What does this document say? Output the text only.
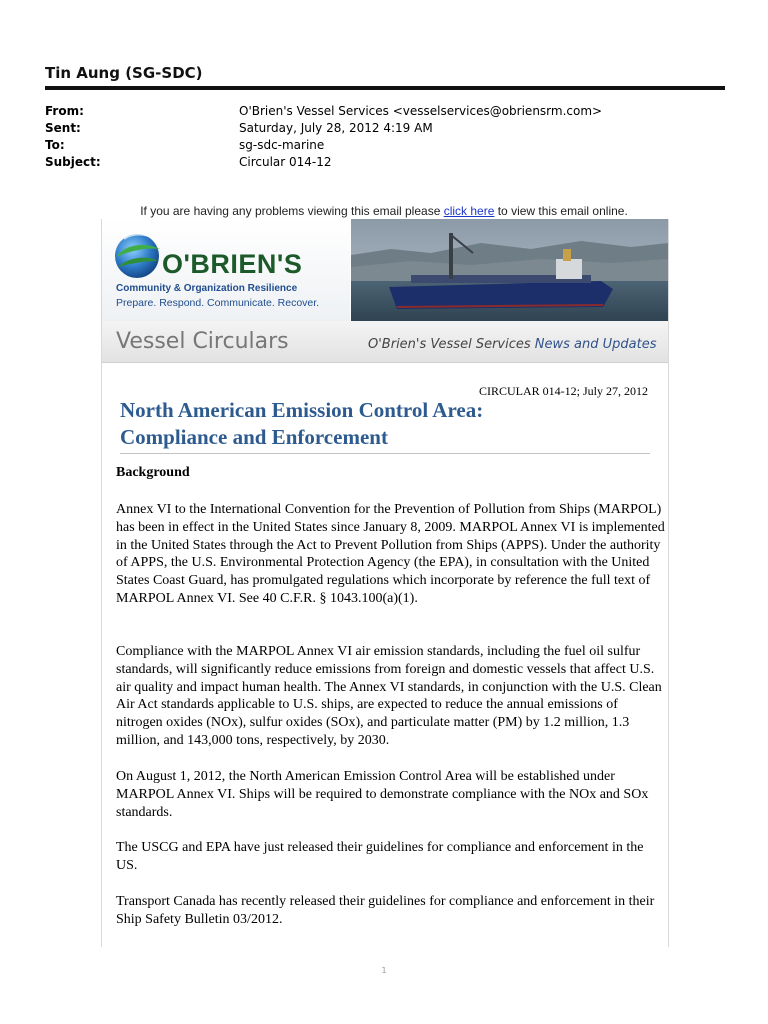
Tin Aung (SG-SDC)
From:	O'Brien's Vessel Services <vesselservices@obriensrm.com>
Sent:	Saturday, July 28, 2012 4:19 AM
To:	sg-sdc-marine
Subject:	Circular 014-12
If you are having any problems viewing this email please click here to view this email online.
O'BRIEN'S
Community & Organization Resilience
Prepare. Respond. Communicate. Recover.
Vessel Circulars	O'Brien's Vessel Services News and Updates
CIRCULAR 014-12; July 27, 2012
North American Emission Control Area:
Compliance and Enforcement
Background

Annex VI to the International Convention for the Prevention of Pollution from Ships (MARPOL) has been in effect in the United States since January 8, 2009. MARPOL Annex VI is implemented in the United States through the Act to Prevent Pollution from Ships (APPS). Under the authority of APPS, the U.S. Environmental Protection Agency (the EPA), in consultation with the United States Coast Guard, has promulgated regulations which incorporate by reference the full text of MARPOL Annex VI. See 40 C.F.R. § 1043.100(a)(1).

Compliance with the MARPOL Annex VI air emission standards, including the fuel oil sulfur standards, will significantly reduce emissions from foreign and domestic vessels that affect U.S. air quality and impact human health. The Annex VI standards, in conjunction with the U.S. Clean Air Act standards applicable to U.S. ships, are expected to reduce the annual emissions of nitrogen oxides (NOx), sulfur oxides (SOx), and particulate matter (PM) by 1.2 million, 1.3 million, and 143,000 tons, respectively, by 2030.

On August 1, 2012, the North American Emission Control Area will be established under MARPOL Annex VI. Ships will be required to demonstrate compliance with the NOx and SOx standards.

The USCG and EPA have just released their guidelines for compliance and enforcement in the US.

Transport Canada has recently released their guidelines for compliance and enforcement in their Ship Safety Bulletin 03/2012.

1
